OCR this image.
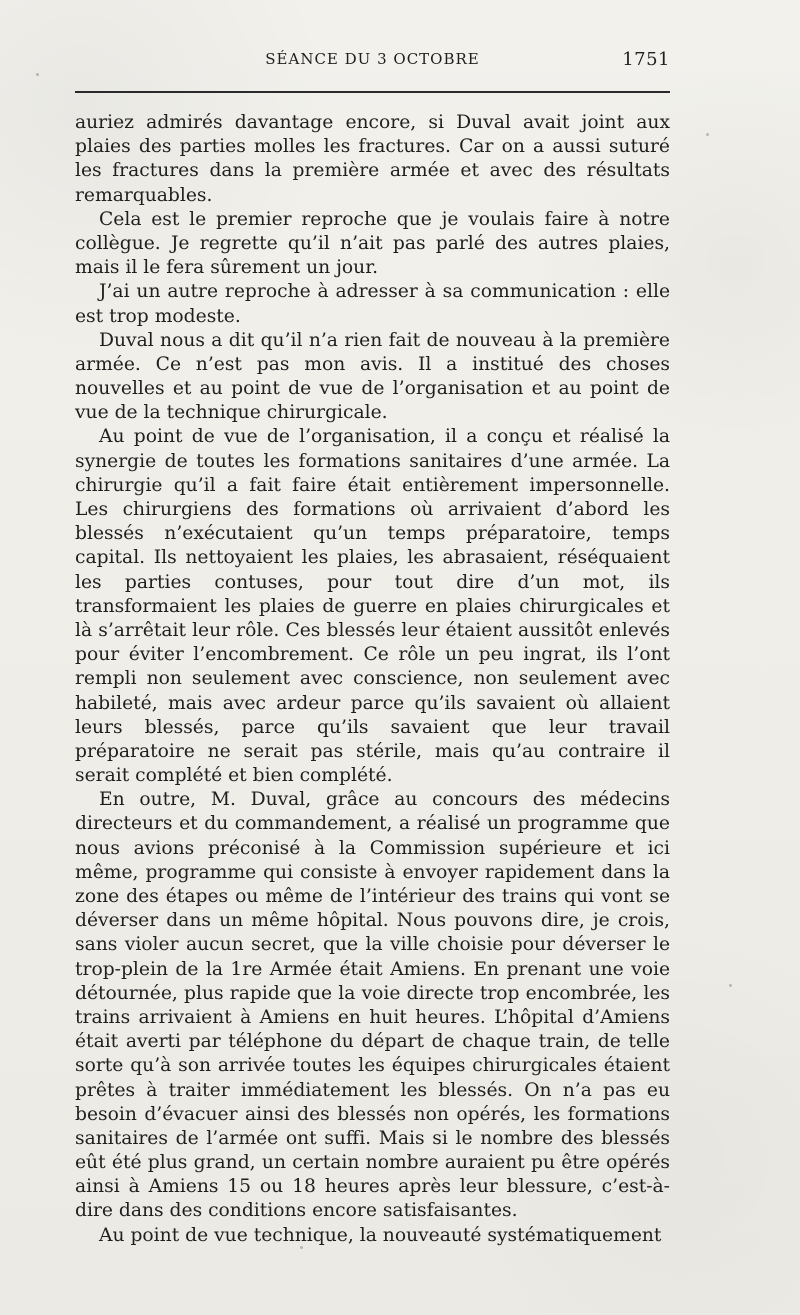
SÉANCE DU 3 OCTOBRE	1751

auriez admirés davantage encore, si Duval avait joint aux plaies des parties molles les fractures. Car on a aussi suturé les fractures dans la première armée et avec des résultats remarquables.

Cela est le premier reproche que je voulais faire à notre collègue. Je regrette qu’il n’ait pas parlé des autres plaies, mais il le fera sûrement un jour.

J’ai un autre reproche à adresser à sa communication : elle est trop modeste.

Duval nous a dit qu’il n’a rien fait de nouveau à la première armée. Ce n’est pas mon avis. Il a institué des choses nouvelles et au point de vue de l’organisation et au point de vue de la technique chirurgicale.

Au point de vue de l’organisation, il a conçu et réalisé la synergie de toutes les formations sanitaires d’une armée. La chirurgie qu’il a fait faire était entièrement impersonnelle. Les chirurgiens des formations où arrivaient d’abord les blessés n’exécutaient qu’un temps préparatoire, temps capital. Ils nettoyaient les plaies, les abrasaient, réséquaient les parties contuses, pour tout dire d’un mot, ils transformaient les plaies de guerre en plaies chirurgicales et là s’arrêtait leur rôle. Ces blessés leur étaient aussitôt enlevés pour éviter l’encombrement. Ce rôle un peu ingrat, ils l’ont rempli non seulement avec conscience, non seulement avec habileté, mais avec ardeur parce qu’ils savaient où allaient leurs blessés, parce qu’ils savaient que leur travail préparatoire ne serait pas stérile, mais qu’au contraire il serait complété et bien complété.

En outre, M. Duval, grâce au concours des médecins directeurs et du commandement, a réalisé un programme que nous avions préconisé à la Commission supérieure et ici même, programme qui consiste à envoyer rapidement dans la zone des étapes ou même de l’intérieur des trains qui vont se déverser dans un même hôpital. Nous pouvons dire, je crois, sans violer aucun secret, que la ville choisie pour déverser le trop-plein de la 1re Armée était Amiens. En prenant une voie détournée, plus rapide que la voie directe trop encombrée, les trains arrivaient à Amiens en huit heures. L’hôpital d’Amiens était averti par téléphone du départ de chaque train, de telle sorte qu’à son arrivée toutes les équipes chirurgicales étaient prêtes à traiter immédiatement les blessés. On n’a pas eu besoin d’évacuer ainsi des blessés non opérés, les formations sanitaires de l’armée ont suffi. Mais si le nombre des blessés eût été plus grand, un certain nombre auraient pu être opérés ainsi à Amiens 15 ou 18 heures après leur blessure, c’est-à-dire dans des conditions encore satisfaisantes.

Au point de vue technique, la nouveauté systématiquement
